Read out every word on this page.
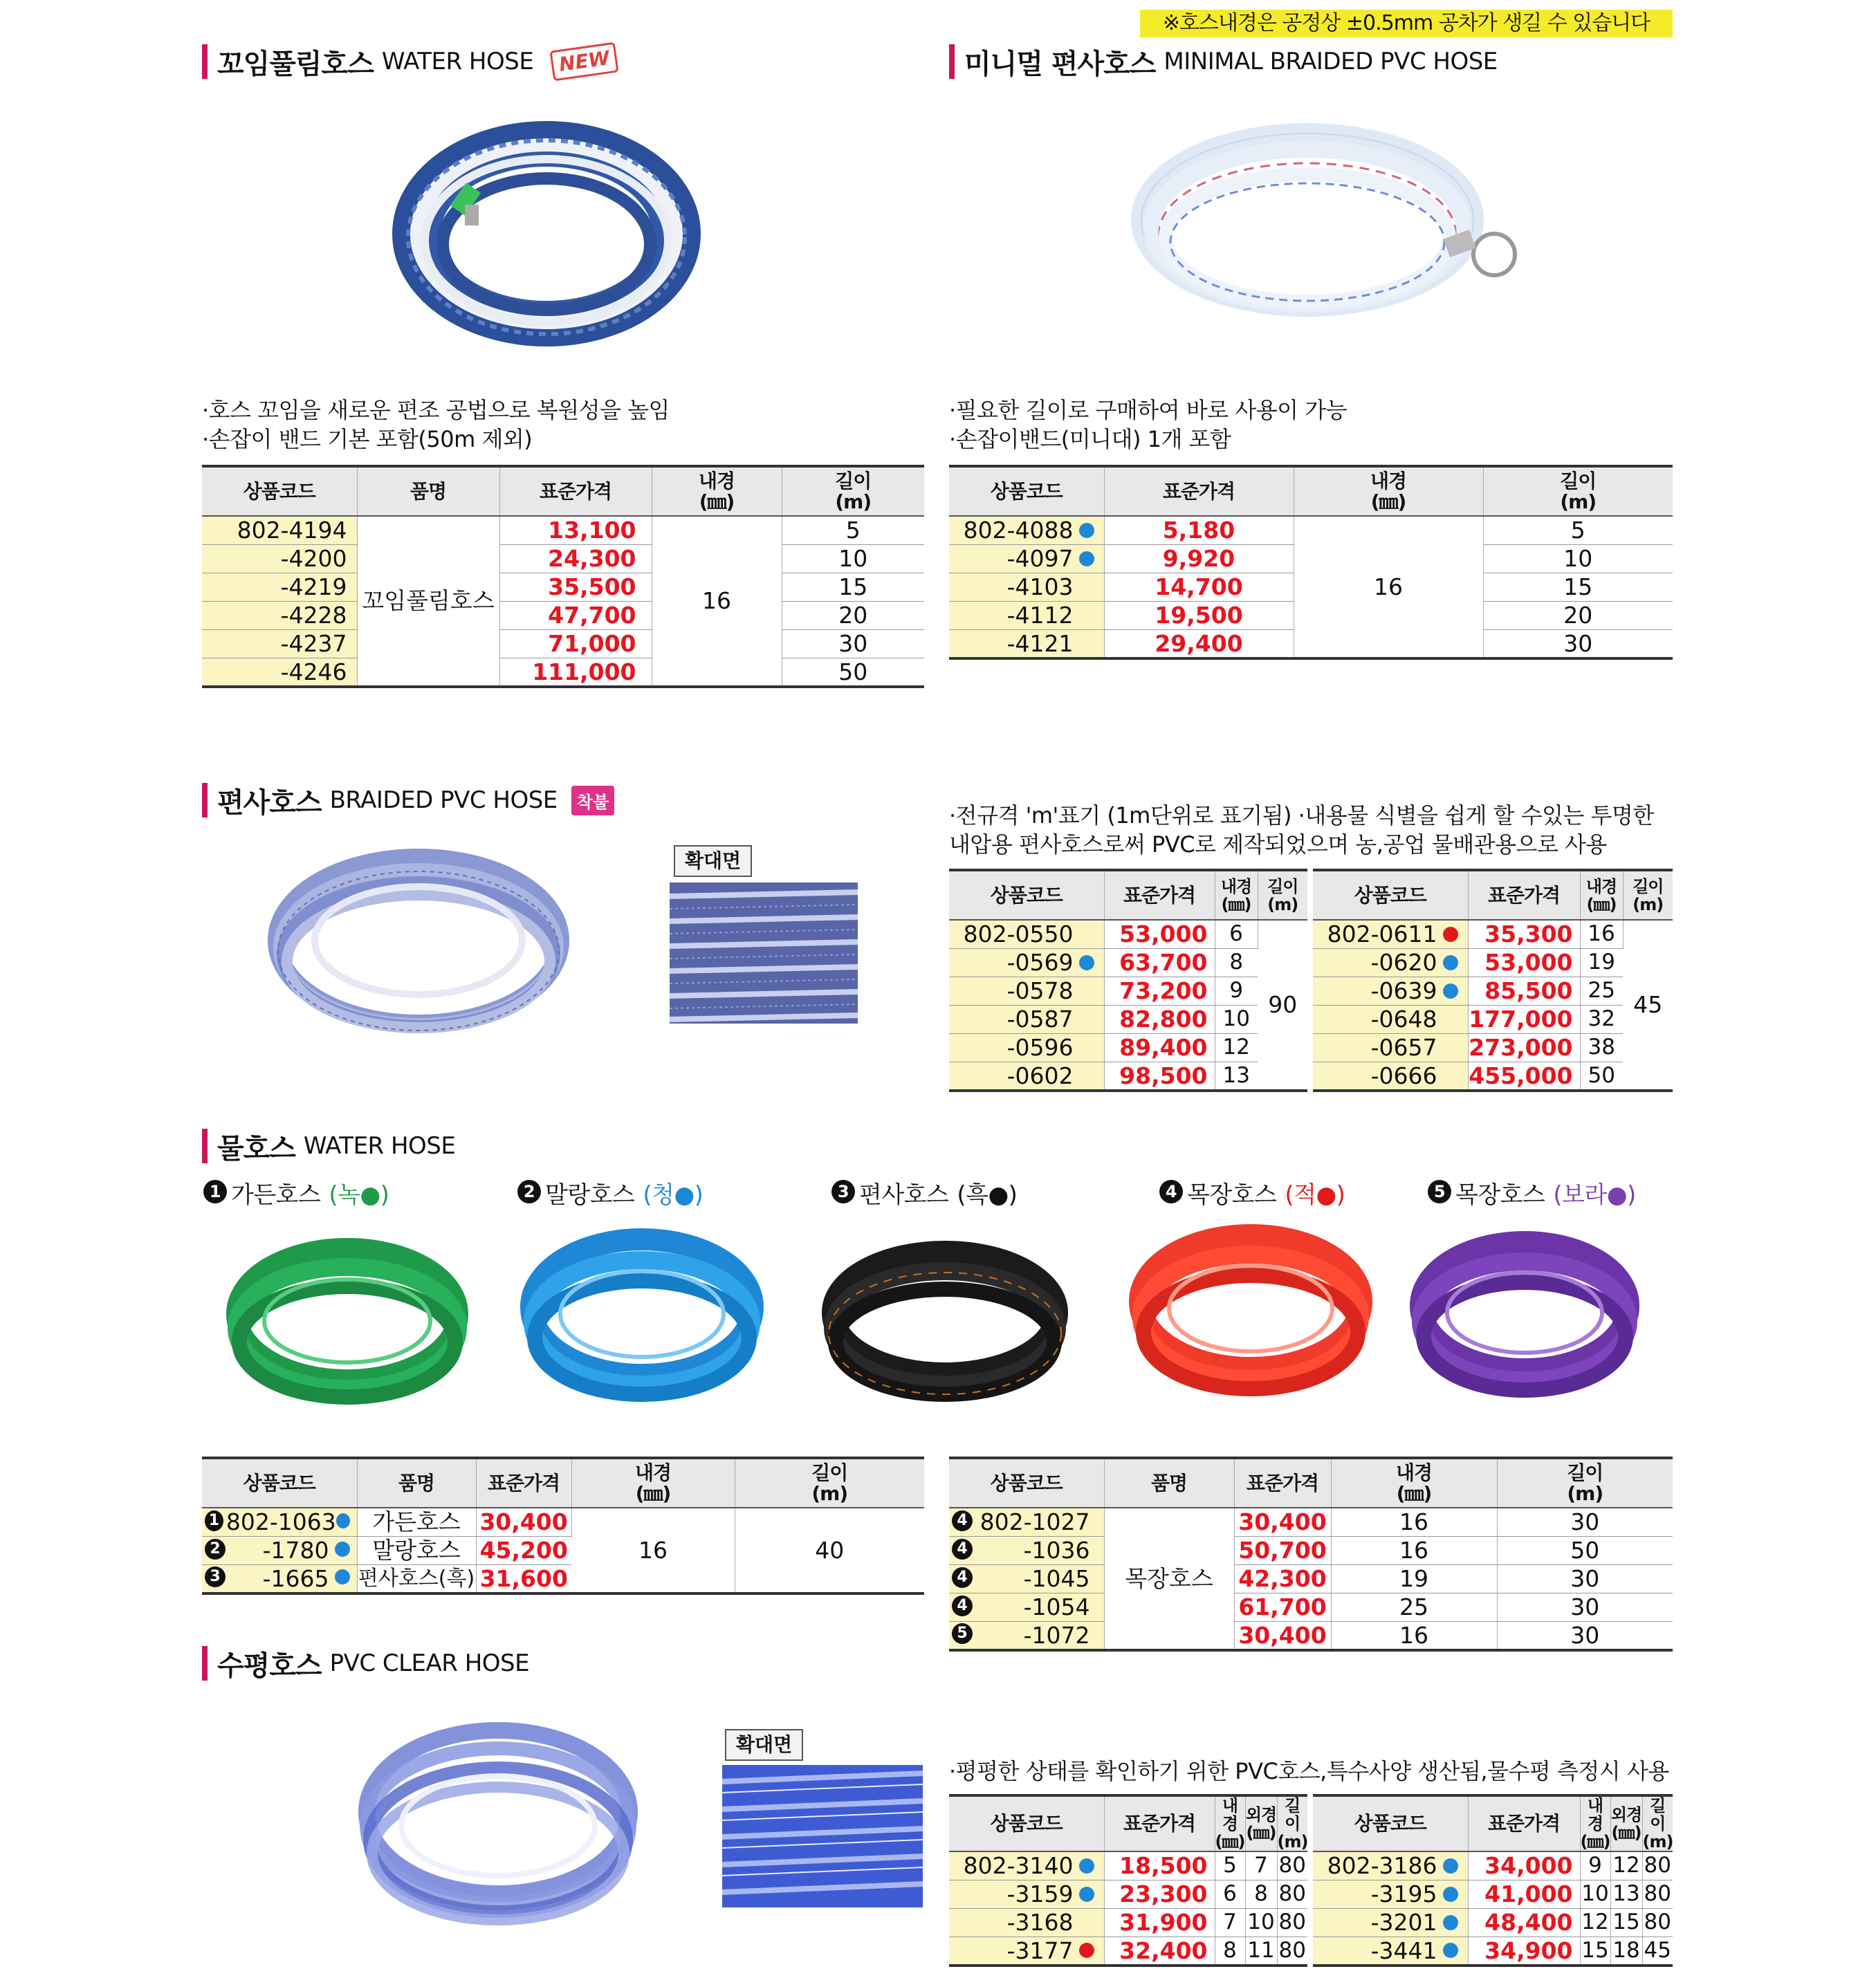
※호스내경은 공정상 ±0.5mm 공차가 생길 수 있습니다
꼬임풀림호스 WATER HOSE	NEW
·호스 꼬임을 새로운 편조 공법으로 복원성을 높임
·손잡이 밴드 기본 포함(50m 제외)
상품코드	품명	표준가격	내경
(㎜)	길이
(m)
802-4194	꼬임풀림호스	13,100	16	5
-4200		24,300		10
-4219		35,500		15
-4228		47,700		20
-4237		71,000		30
-4246		111,000		50
미니멀 편사호스 MINIMAL BRAIDED PVC HOSE
·필요한 길이로 구매하여 바로 사용이 가능
·손잡이밴드(미니대) 1개 포함
상품코드	표준가격	내경
(㎜)	길이
(m)
802-4088	5,180	16	5
-4097	9,920		10
-4103	14,700		15
-4112	19,500		20
-4121	29,400		30
편사호스 BRAIDED PVC HOSE	착불
확대면
·전규격 'm'표기 (1m단위로 표기됨) ·내용물 식별을 쉽게 할 수있는 투명한
내압용 편사호스로써 PVC로 제작되었으며 농,공업 물배관용으로 사용
상품코드	표준가격	내경
(㎜)	길이
(m)
802-0550	53,000	6	90
-0569	63,700	8	
-0578	73,200	9	
-0587	82,800	10	
-0596	89,400	12	
-0602	98,500	13	
상품코드	표준가격	내경
(㎜)	길이
(m)
802-0611	35,300	16	45
-0620	53,000	19	
-0639	85,500	25	
-0648	177,000	32	
-0657	273,000	38	
-0666	455,000	50	
물호스 WATER HOSE
1 가든호스 (녹●)	2 말랑호스 (청●)	3 편사호스 (흑●)	4 목장호스 (적●)	5 목장호스 (보라●)
상품코드	품명	표준가격	내경
(㎜)	길이
(m)

1 802-1063	가든호스	30,400	16	40

2 -1780	말랑호스	45,200		

3 -1665	편사호스(흑)	31,600		
상품코드	품명	표준가격	내경
(㎜)	길이
(m)

4 802-1027	목장호스	30,400	16	30

4 -1036		50,700	16	50

4 -1045		42,300	19	30

4 -1054		61,700	25	30

5 -1072		30,400	16	30
수평호스 PVC CLEAR HOSE
확대면
·평평한 상태를 확인하기 위한 PVC호스,특수사양 생산됨,물수평 측정시 사용
상품코드	표준가격	내경
(㎜)	외경
(㎜)	길이
(m)
802-3140	18,500	5	7	80
-3159	23,300	6	8	80
-3168	31,900	7	10	80
-3177	32,400	8	11	80
상품코드	표준가격	내경
(㎜)	외경
(㎜)	길이
(m)
802-3186	34,000	9	12	80
-3195	41,000	10	13	80
-3201	48,400	12	15	80
-3441	34,900	15	18	45
